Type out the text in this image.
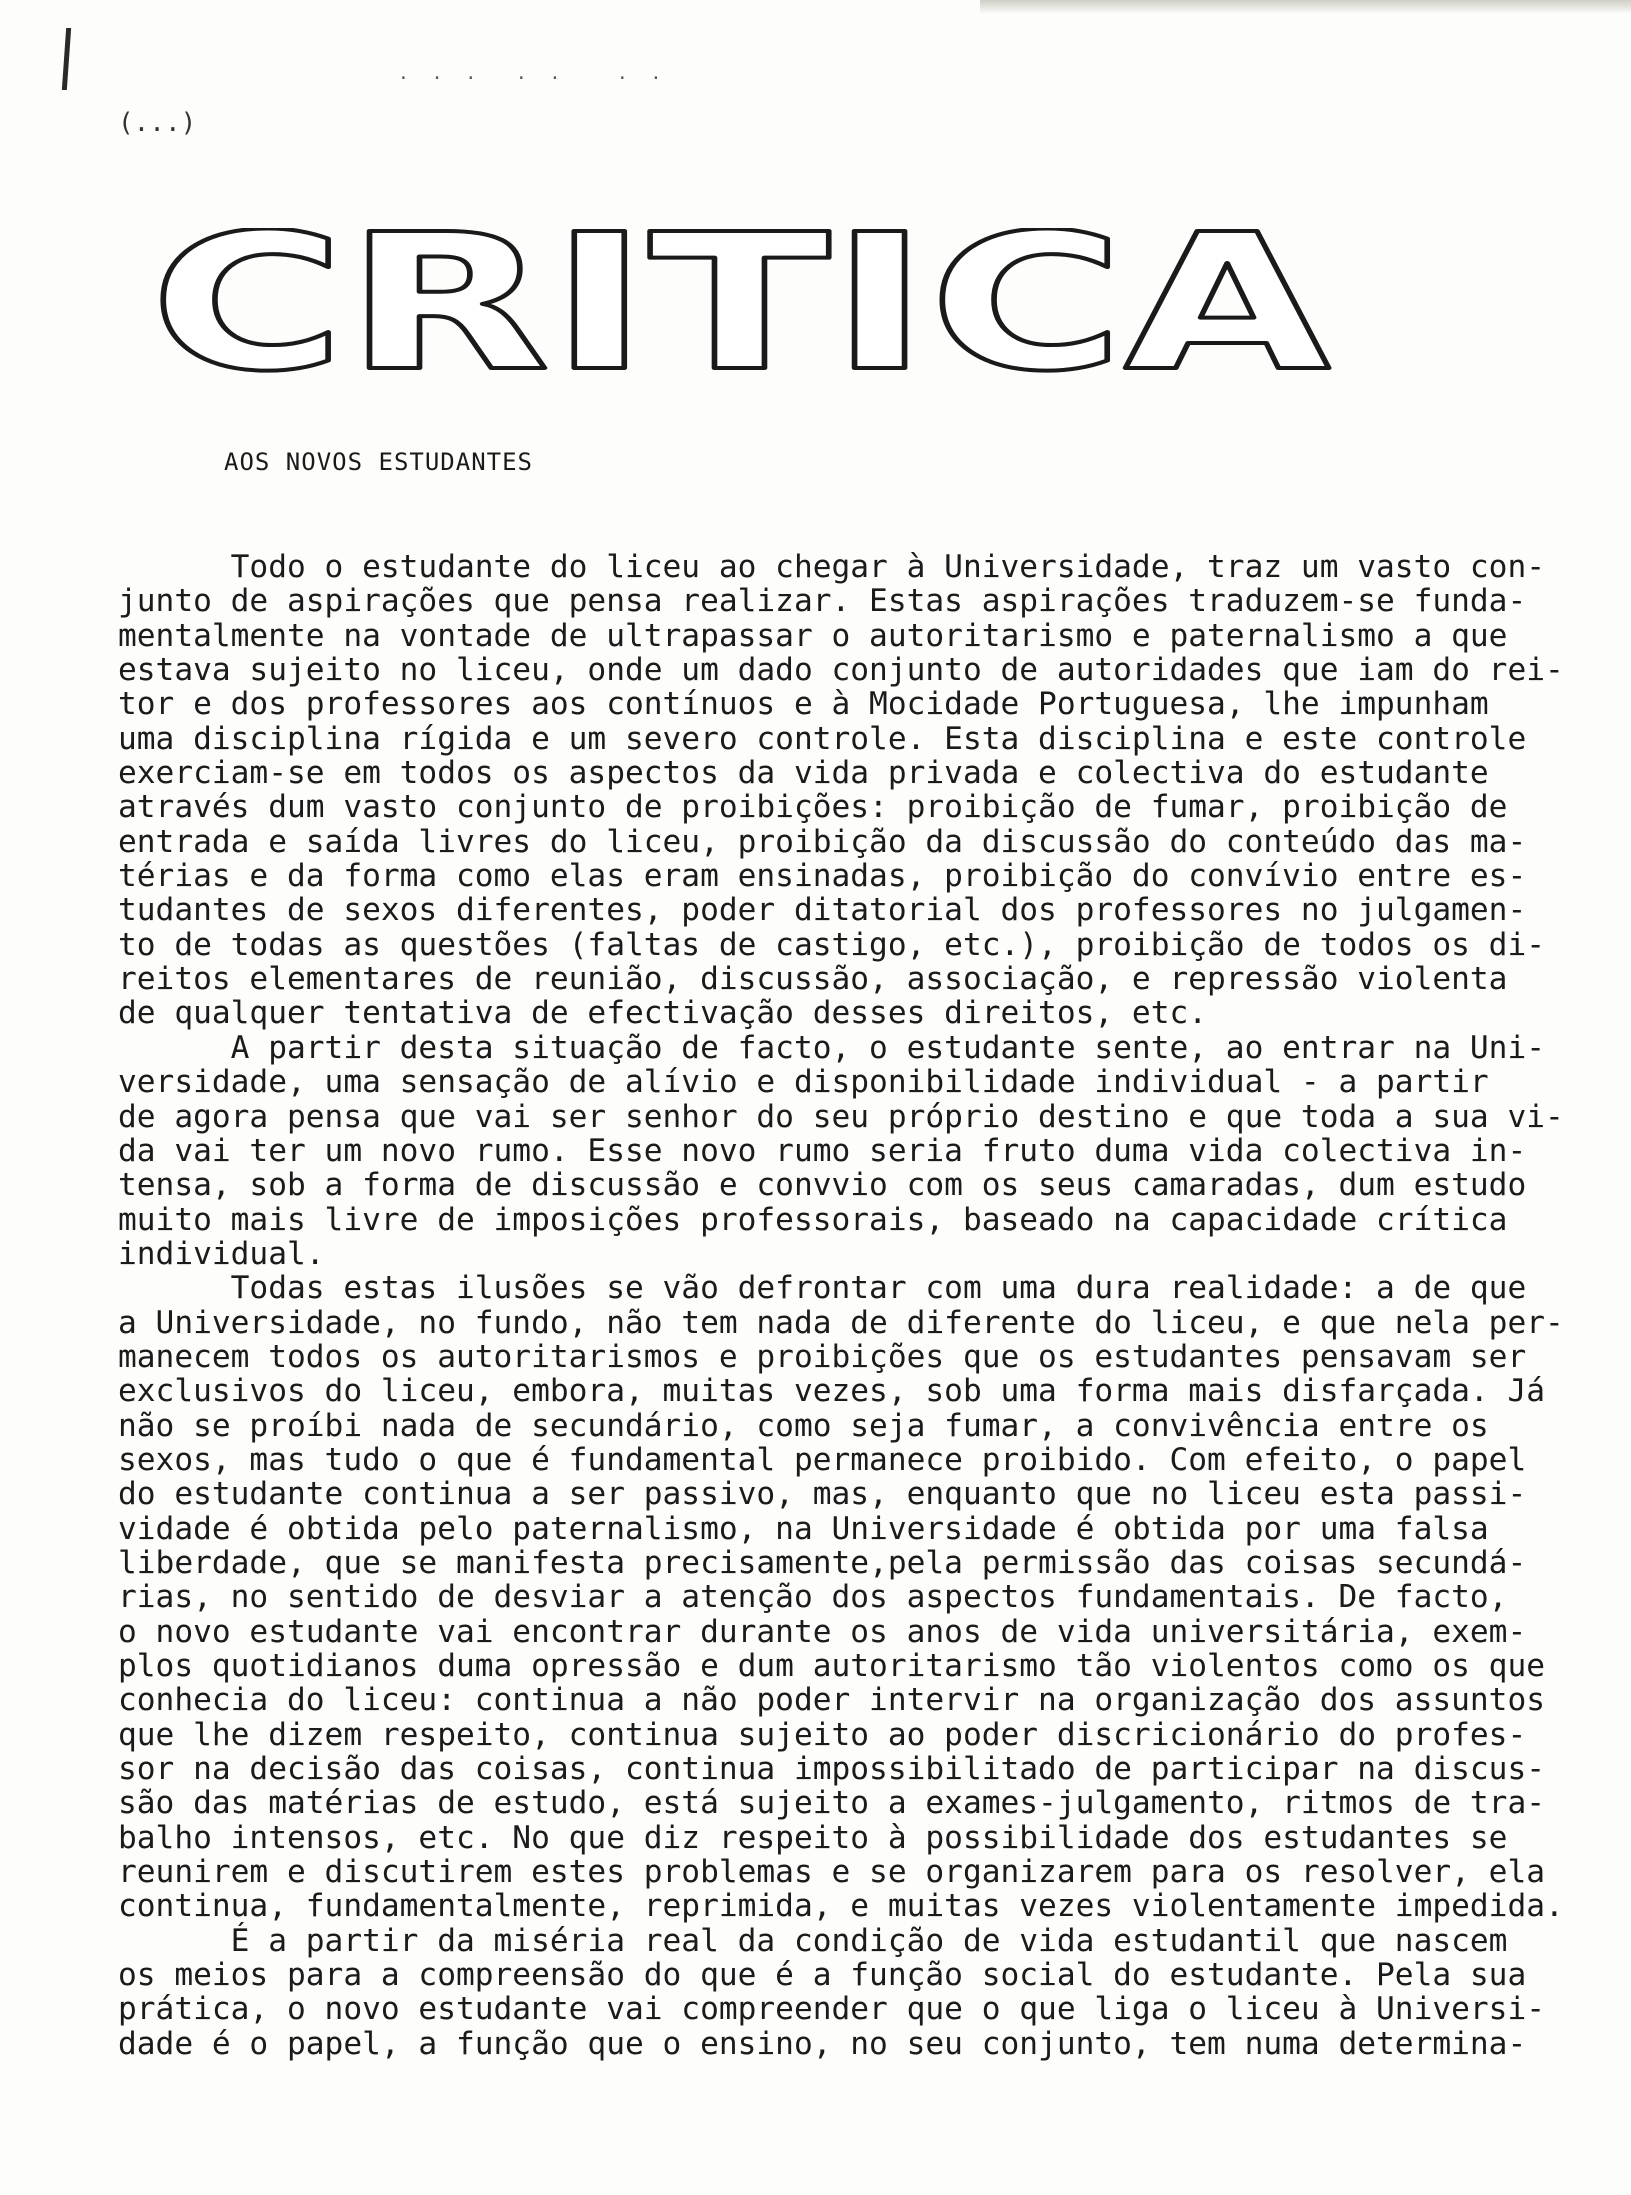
· · ·  · ·   · ·
(...)
CRITICA
AOS NOVOS ESTUDANTES
Todo o estudante do liceu ao chegar à Universidade, traz um vasto con-
junto de aspirações que pensa realizar. Estas aspirações traduzem-se funda-
mentalmente na vontade de ultrapassar o autoritarismo e paternalismo a que
estava sujeito no liceu, onde um dado conjunto de autoridades que iam do rei-
tor e dos professores aos contínuos e à Mocidade Portuguesa, lhe impunham
uma disciplina rígida e um severo controle. Esta disciplina e este controle
exerciam-se em todos os aspectos da vida privada e colectiva do estudante
através dum vasto conjunto de proibições: proibição de fumar, proibição de
entrada e saída livres do liceu, proibição da discussão do conteúdo das ma-
térias e da forma como elas eram ensinadas, proibição do convívio entre es-
tudantes de sexos diferentes, poder ditatorial dos professores no julgamen-
to de todas as questões (faltas de castigo, etc.), proibição de todos os di-
reitos elementares de reunião, discussão, associação, e repressão violenta
de qualquer tentativa de efectivação desses direitos, etc.
A partir desta situação de facto, o estudante sente, ao entrar na Uni-
versidade, uma sensação de alívio e disponibilidade individual - a partir
de agora pensa que vai ser senhor do seu próprio destino e que toda a sua vi-
da vai ter um novo rumo. Esse novo rumo seria fruto duma vida colectiva in-
tensa, sob a forma de discussão e convvio com os seus camaradas, dum estudo
muito mais livre de imposições professorais, baseado na capacidade crítica
individual.
Todas estas ilusões se vão defrontar com uma dura realidade: a de que
a Universidade, no fundo, não tem nada de diferente do liceu, e que nela per-
manecem todos os autoritarismos e proibições que os estudantes pensavam ser
exclusivos do liceu, embora, muitas vezes, sob uma forma mais disfarçada. Já
não se proíbi nada de secundário, como seja fumar, a convivência entre os
sexos, mas tudo o que é fundamental permanece proibido. Com efeito, o papel
do estudante continua a ser passivo, mas, enquanto que no liceu esta passi-
vidade é obtida pelo paternalismo, na Universidade é obtida por uma falsa
liberdade, que se manifesta precisamente,pela permissão das coisas secundá-
rias, no sentido de desviar a atenção dos aspectos fundamentais. De facto,
o novo estudante vai encontrar durante os anos de vida universitária, exem-
plos quotidianos duma opressão e dum autoritarismo tão violentos como os que
conhecia do liceu: continua a não poder intervir na organização dos assuntos
que lhe dizem respeito, continua sujeito ao poder discricionário do profes-
sor na decisão das coisas, continua impossibilitado de participar na discus-
são das matérias de estudo, está sujeito a exames-julgamento, ritmos de tra-
balho intensos, etc. No que diz respeito à possibilidade dos estudantes se
reunirem e discutirem estes problemas e se organizarem para os resolver, ela
continua, fundamentalmente, reprimida, e muitas vezes violentamente impedida.
É a partir da miséria real da condição de vida estudantil que nascem
os meios para a compreensão do que é a função social do estudante. Pela sua
prática, o novo estudante vai compreender que o que liga o liceu à Universi-
dade é o papel, a função que o ensino, no seu conjunto, tem numa determina-
